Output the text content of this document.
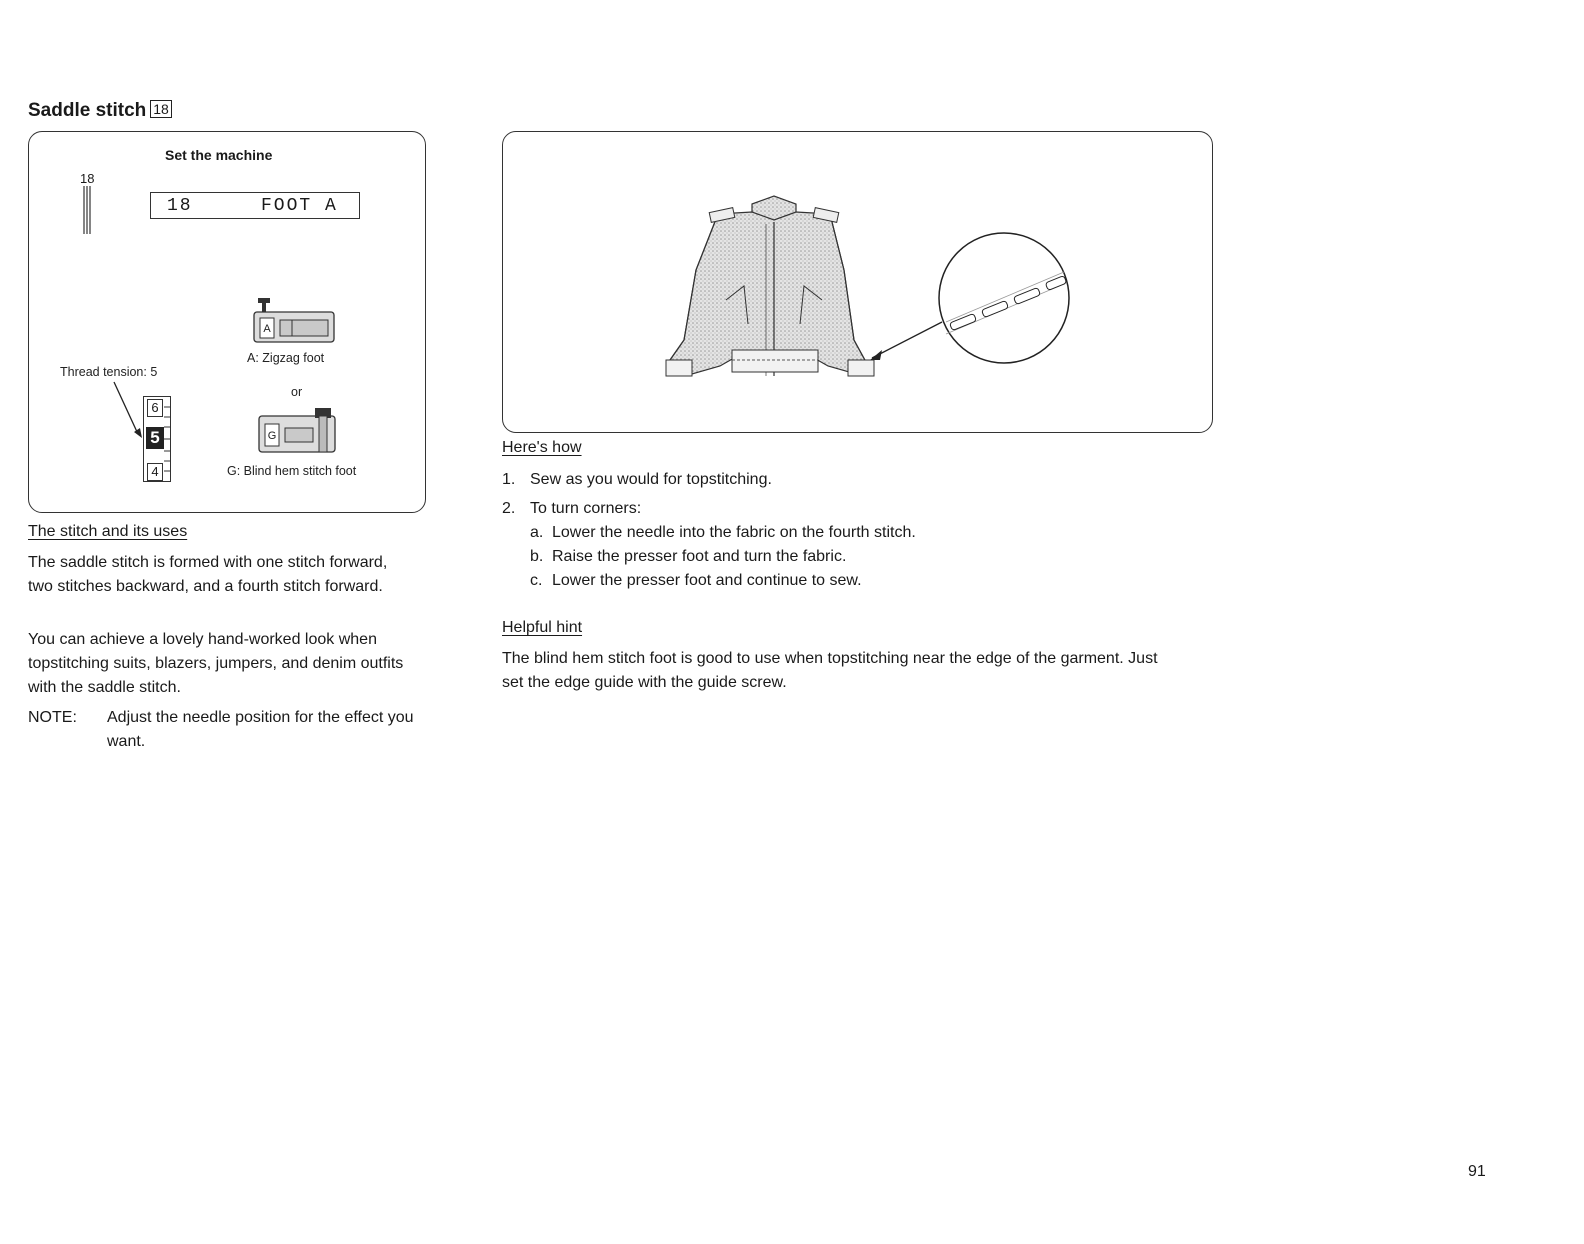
Saddle stitch 18
Set the machine
18
18	FOOT A
A
A: Zigzag foot
Thread tension: 5
or
6
5
4
G
G: Blind hem stitch foot
The stitch and its uses
The saddle stitch is formed with one stitch forward, two stitches backward, and a fourth stitch forward.
You can achieve a lovely hand-worked look when topstitching suits, blazers, jumpers, and denim outfits with the saddle stitch.
NOTE: Adjust the needle position for the effect you want.
Here's how
1. Sew as you would for topstitching.
2. To turn corners:
a. Lower the needle into the fabric on the fourth stitch.
b. Raise the presser foot and turn the fabric.
c. Lower the presser foot and continue to sew.
Helpful hint
The blind hem stitch foot is good to use when topstitching near the edge of the garment. Just set the edge guide with the guide screw.
91
